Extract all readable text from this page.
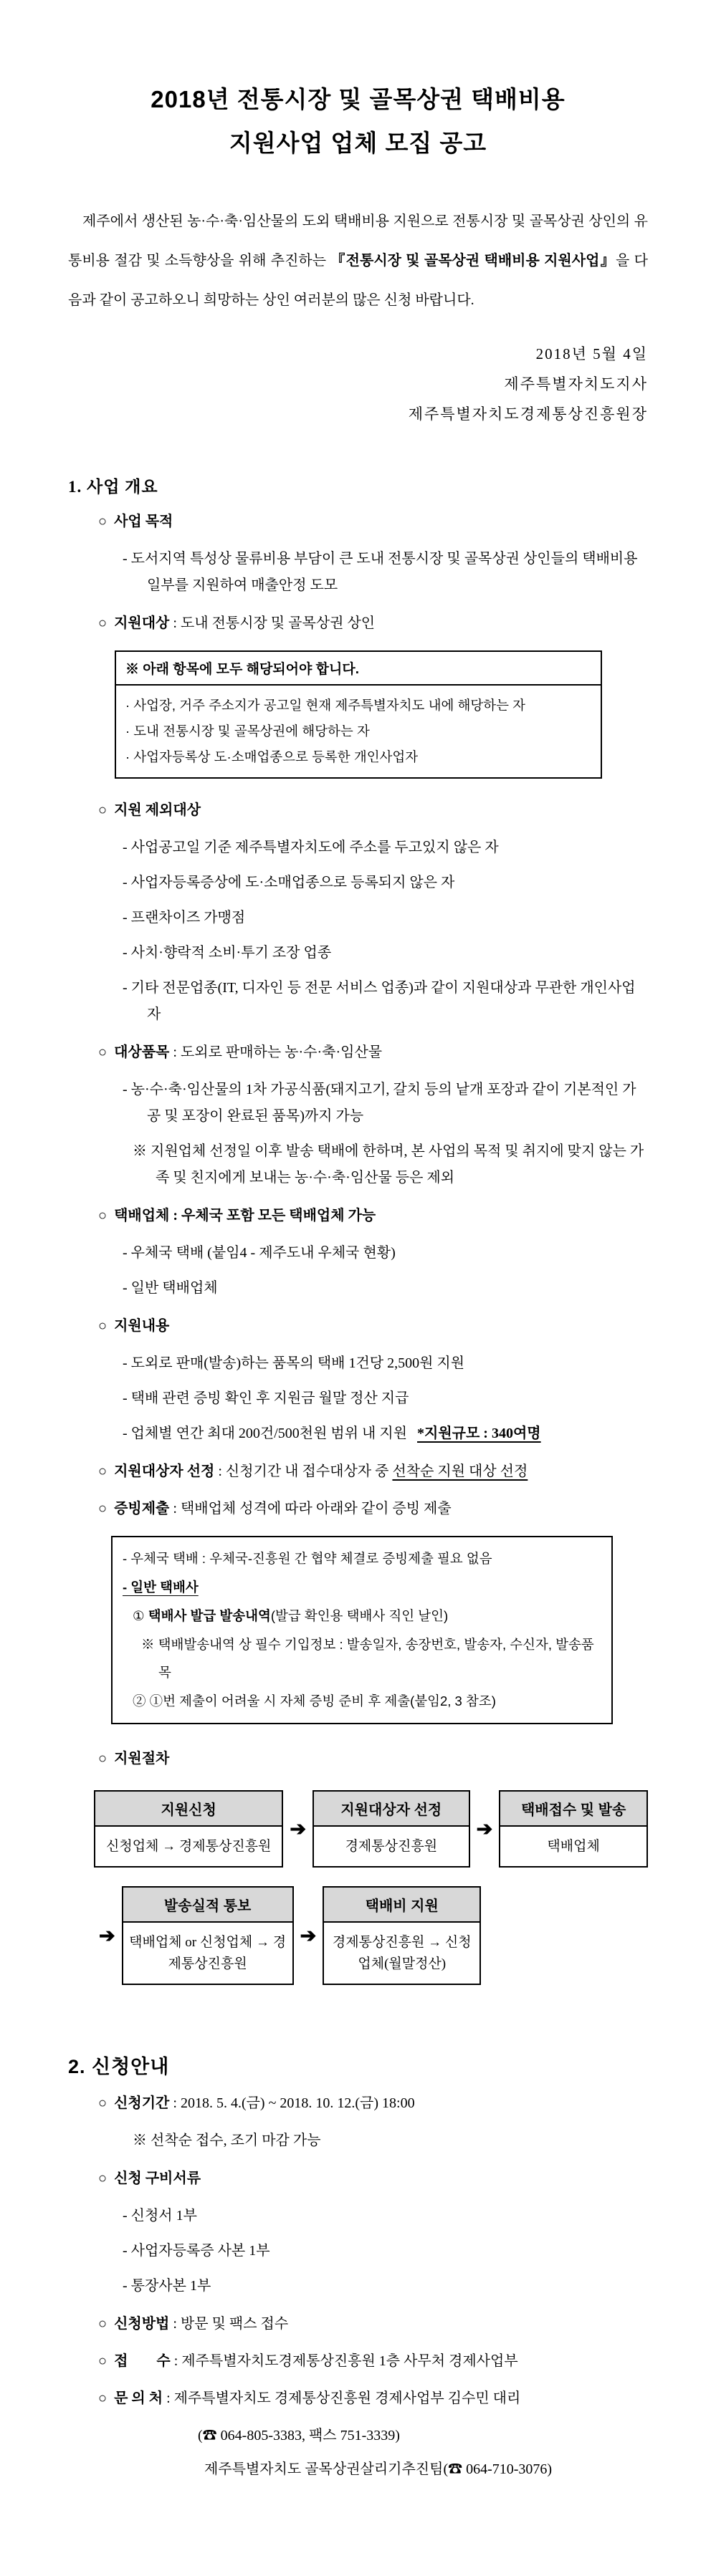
2018년 전통시장 및 골목상권 택배비용
지원사업 업체 모집 공고

제주에서 생산된 농·수·축·임산물의 도외 택배비용 지원으로 전통시장 및 골목상권 상인의 유통비용 절감 및 소득향상을 위해 추진하는 『전통시장 및 골목상권 택배비용 지원사업』을 다음과 같이 공고하오니 희망하는 상인 여러분의 많은 신청 바랍니다.

2018년 5월 4일
제주특별자치도지사
제주특별자치도경제통상진흥원장
1. 사업 개요
○ 사업 목적
- 도서지역 특성상 물류비용 부담이 큰 도내 전통시장 및 골목상권 상인들의 택배비용 일부를 지원하여 매출안정 도모
○ 지원대상 : 도내 전통시장 및 골목상권 상인
※ 아래 항목에 모두 해당되어야 합니다.
· 사업장, 거주 주소지가 공고일 현재 제주특별자치도 내에 해당하는 자
· 도내 전통시장 및 골목상권에 해당하는 자
· 사업자등록상 도·소매업종으로 등록한 개인사업자
○ 지원 제외대상
- 사업공고일 기준 제주특별자치도에 주소를 두고있지 않은 자
- 사업자등록증상에 도·소매업종으로 등록되지 않은 자
- 프랜차이즈 가맹점
- 사치·향락적 소비·투기 조장 업종
- 기타 전문업종(IT, 디자인 등 전문 서비스 업종)과 같이 지원대상과 무관한 개인사업자
○ 대상품목 : 도외로 판매하는 농·수·축·임산물
- 농·수·축·임산물의 1차 가공식품(돼지고기, 갈치 등의 낱개 포장과 같이 기본적인 가공 및 포장이 완료된 품목)까지 가능
※ 지원업체 선정일 이후 발송 택배에 한하며, 본 사업의 목적 및 취지에 맞지 않는 가족 및 친지에게 보내는 농·수·축·임산물 등은 제외
○ 택배업체 : 우체국 포함 모든 택배업체 가능
- 우체국 택배 (붙임4 - 제주도내 우체국 현황)
- 일반 택배업체
○ 지원내용
- 도외로 판매(발송)하는 품목의 택배 1건당 2,500원 지원
- 택배 관련 증빙 확인 후 지원금 월말 정산 지급
- 업체별 연간 최대 200건/500천원 범위 내 지원 *지원규모 : 340여명
○ 지원대상자 선정 : 신청기간 내 접수대상자 중 선착순 지원 대상 선정
○ 증빙제출 : 택배업체 성격에 따라 아래와 같이 증빙 제출
- 우체국 택배 : 우체국-진흥원 간 협약 체결로 증빙제출 필요 없음
- 일반 택배사
① 택배사 발급 발송내역(발급 확인용 택배사 직인 날인)
※ 택배발송내역 상 필수 기입정보 : 발송일자, 송장번호, 발송자, 수신자, 발송품목
② ①번 제출이 어려울 시 자체 증빙 준비 후 제출(붙임2, 3 참조)
○ 지원절차
지원신청
신청업체 → 경제통상진흥원
➔
지원대상자 선정
경제통상진흥원
➔
택배접수 및 발송
택배업체
➔
발송실적 통보
택배업체 or 신청업체 → 경제통상진흥원
➔
택배비 지원
경제통상진흥원 → 신청업체(월말정산)
2. 신청안내
○ 신청기간 : 2018. 5. 4.(금) ~ 2018. 10. 12.(금) 18:00
※ 선착순 접수, 조기 마감 가능
○ 신청 구비서류
- 신청서 1부
- 사업자등록증 사본 1부
- 통장사본 1부
○ 신청방법 : 방문 및 팩스 접수
○ 접        수 : 제주특별자치도경제통상진흥원 1층 사무처 경제사업부
○ 문 의 처 : 제주특별자치도 경제통상진흥원 경제사업부 김수민 대리
(☎ 064-805-3383, 팩스 751-3339)
제주특별자치도 골목상권살리기추진팀(☎ 064-710-3076)
